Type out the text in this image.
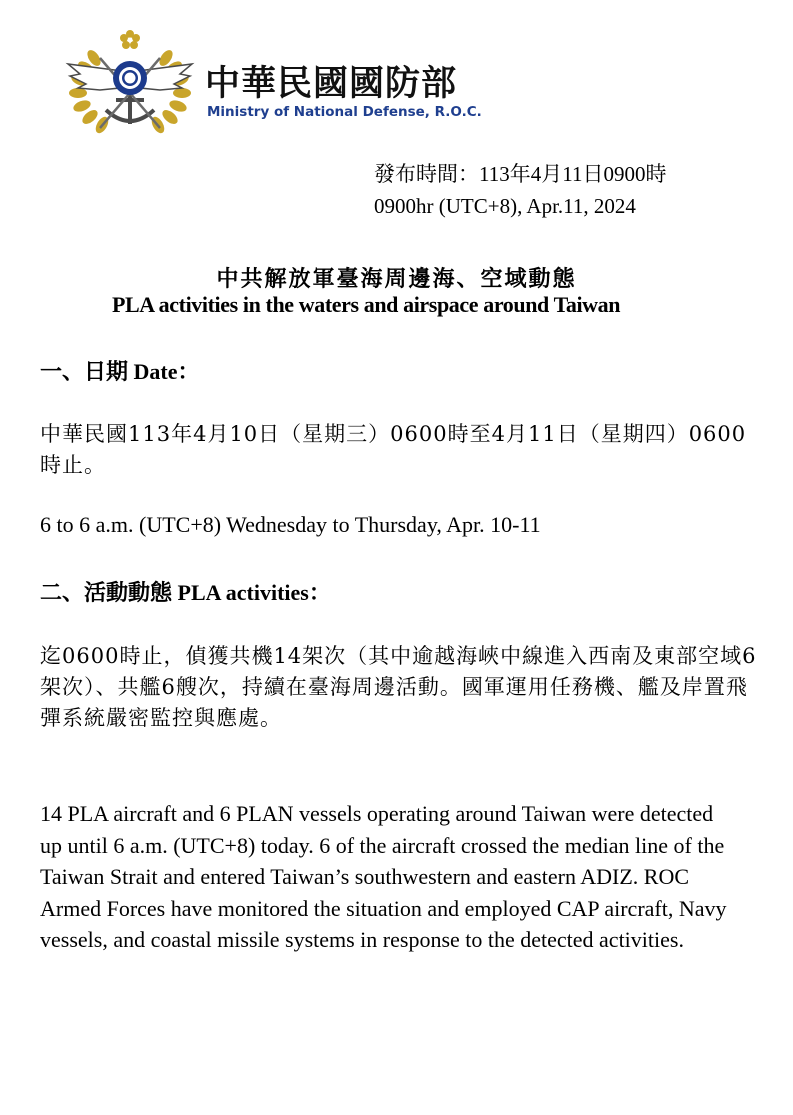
中華民國國防部
Ministry of National Defense, R.O.C.
發布時間：113年4月11日0900時
0900hr (UTC+8), Apr.11, 2024
中共解放軍臺海周邊海、空域動態
PLA activities in the waters and airspace around Taiwan
一、日期 Date：
中華民國113年4月10日（星期三）0600時至4月11日（星期四）0600時止。
6 to 6 a.m. (UTC+8) Wednesday to Thursday, Apr. 10-11
二、活動動態 PLA activities：
迄0600時止，偵獲共機14架次（其中逾越海峽中線進入西南及東部空域6架次）、共艦6艘次，持續在臺海周邊活動。國軍運用任務機、艦及岸置飛彈系統嚴密監控與應處。
14 PLA aircraft and 6 PLAN vessels operating around Taiwan were detected up until 6 a.m. (UTC+8) today. 6 of the aircraft crossed the median line of the Taiwan Strait and entered Taiwan’s southwestern and eastern ADIZ. ROC Armed Forces have monitored the situation and employed CAP aircraft, Navy vessels, and coastal missile systems in response to the detected activities.
